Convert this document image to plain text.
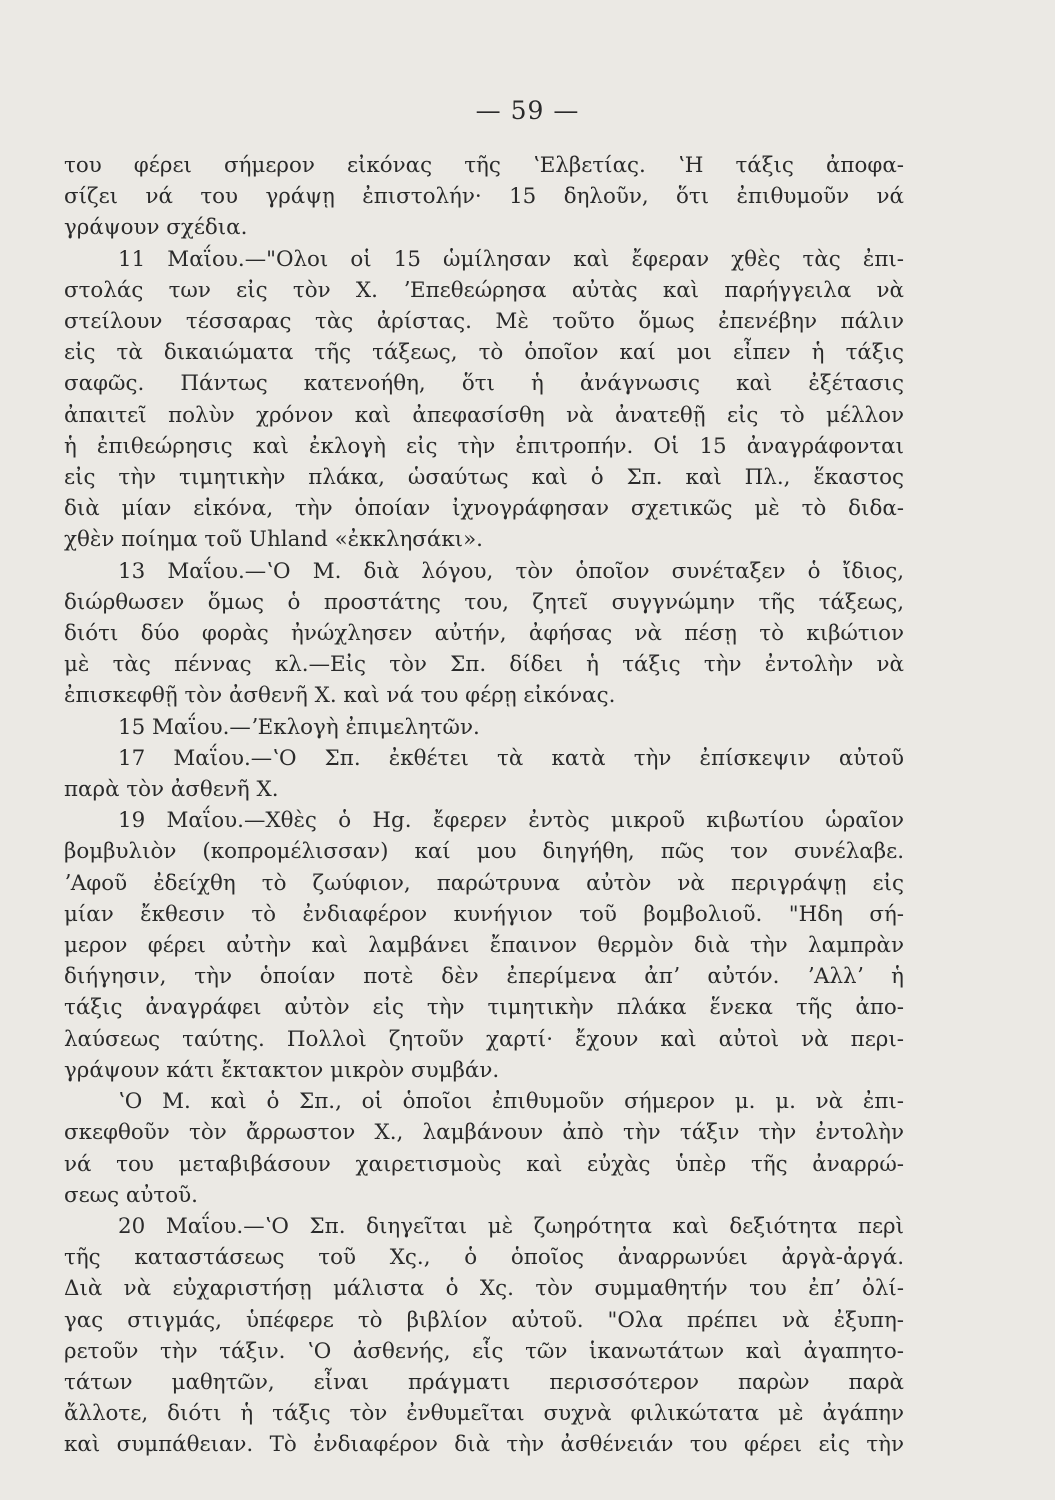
— 59 —
του φέρει σήμερον εἰκόνας τῆς ʽΕλβετίας. ʽΗ τάξις ἀποφα-
σίζει νά του γράψῃ ἐπιστολήν· 15 δηλοῦν, ὅτι ἐπιθυμοῦν νά
γράψουν σχέδια.
11 Μαΐου.—"Ολοι οἱ 15 ὡμίλησαν καὶ ἔφεραν χθὲς τὰς ἐπι-
στολάς των εἰς τὸν Χ. ʼΕπεθεώρησα αὐτὰς καὶ παρήγγειλα νὰ
στείλουν τέσσαρας τὰς ἀρίστας. Μὲ τοῦτο ὅμως ἐπενέβην πάλιν
εἰς τὰ δικαιώματα τῆς τάξεως, τὸ ὁποῖον καί μοι εἶπεν ἡ τάξις
σαφῶς. Πάντως κατενοήθη, ὅτι ἡ ἀνάγνωσις καὶ ἐξέτασις
ἀπαιτεῖ πολὺν χρόνον καὶ ἀπεφασίσθη νὰ ἀνατεθῇ εἰς τὸ μέλλον
ἡ ἐπιθεώρησις καὶ ἐκλογὴ εἰς τὴν ἐπιτροπήν. Οἱ 15 ἀναγράφονται
εἰς τὴν τιμητικὴν πλάκα, ὡσαύτως καὶ ὁ Σπ. καὶ Πλ., ἕκαστος
διὰ μίαν εἰκόνα, τὴν ὁποίαν ἰχνογράφησαν σχετικῶς μὲ τὸ διδα-
χθὲν ποίημα τοῦ Uhland «ἐκκλησάκι».
13 Μαΐου.—ʽΟ Μ. διὰ λόγου, τὸν ὁποῖον συνέταξεν ὁ ἴδιος,
διώρθωσεν ὅμως ὁ προστάτης του, ζητεῖ συγγνώμην τῆς τάξεως,
διότι δύο φορὰς ἠνώχλησεν αὐτήν, ἀφήσας νὰ πέσῃ τὸ κιβώτιον
μὲ τὰς πέννας κλ.—Εἰς τὸν Σπ. δίδει ἡ τάξις τὴν ἐντολὴν νὰ
ἐπισκεφθῇ τὸν ἀσθενῆ Χ. καὶ νά του φέρῃ εἰκόνας.
15 Μαΐου.—ʼΕκλογὴ ἐπιμελητῶν.
17 Μαΐου.—ʽΟ Σπ. ἐκθέτει τὰ κατὰ τὴν ἐπίσκεψιν αὐτοῦ
παρὰ τὸν ἀσθενῆ Χ.
19 Μαΐου.—Χθὲς ὁ Hg. ἔφερεν ἐντὸς μικροῦ κιβωτίου ὡραῖον
βομβυλιὸν (κοπρομέλισσαν) καί μου διηγήθη, πῶς τον συνέλαβε.
ʼΑφοῦ ἐδείχθη τὸ ζωύφιον, παρώτρυνα αὐτὸν νὰ περιγράψῃ εἰς
μίαν ἔκθεσιν τὸ ἐνδιαφέρον κυνήγιον τοῦ βομβολιοῦ. "Ηδη σή-
μερον φέρει αὐτὴν καὶ λαμβάνει ἔπαινον θερμὸν διὰ τὴν λαμπρὰν
διήγησιν, τὴν ὁποίαν ποτὲ δὲν ἐπερίμενα ἀπʼ αὐτόν. ʼΑλλʼ ἡ
τάξις ἀναγράφει αὐτὸν εἰς τὴν τιμητικὴν πλάκα ἕνεκα τῆς ἀπο-
λαύσεως ταύτης. Πολλοὶ ζητοῦν χαρτί· ἔχουν καὶ αὐτοὶ νὰ περι-
γράψουν κάτι ἔκτακτον μικρὸν συμβάν.
ʽΟ Μ. καὶ ὁ Σπ., οἱ ὁποῖοι ἐπιθυμοῦν σήμερον μ. μ. νὰ ἐπι-
σκεφθοῦν τὸν ἄρρωστον Χ., λαμβάνουν ἀπὸ τὴν τάξιν τὴν ἐντολὴν
νά του μεταβιβάσουν χαιρετισμοὺς καὶ εὐχὰς ὑπὲρ τῆς ἀναρρώ-
σεως αὐτοῦ.
20 Μαΐου.—ʽΟ Σπ. διηγεῖται μὲ ζωηρότητα καὶ δεξιότητα περὶ
τῆς καταστάσεως τοῦ Χς., ὁ ὁποῖος ἀναρρωνύει ἀργὰ-ἀργά.
Διὰ νὰ εὐχαριστήσῃ μάλιστα ὁ Χς. τὸν συμμαθητήν του ἐπʼ ὀλί-
γας στιγμάς, ὑπέφερε τὸ βιβλίον αὐτοῦ. "Ολα πρέπει νὰ ἐξυπη-
ρετοῦν τὴν τάξιν. ʽΟ ἀσθενής, εἷς τῶν ἱκανωτάτων καὶ ἀγαπητο-
τάτων μαθητῶν, εἶναι πράγματι περισσότερον παρὼν παρὰ
ἄλλοτε, διότι ἡ τάξις τὸν ἐνθυμεῖται συχνὰ φιλικώτατα μὲ ἀγάπην
καὶ συμπάθειαν. Τὸ ἐνδιαφέρον διὰ τὴν ἀσθένειάν του φέρει εἰς τὴν
